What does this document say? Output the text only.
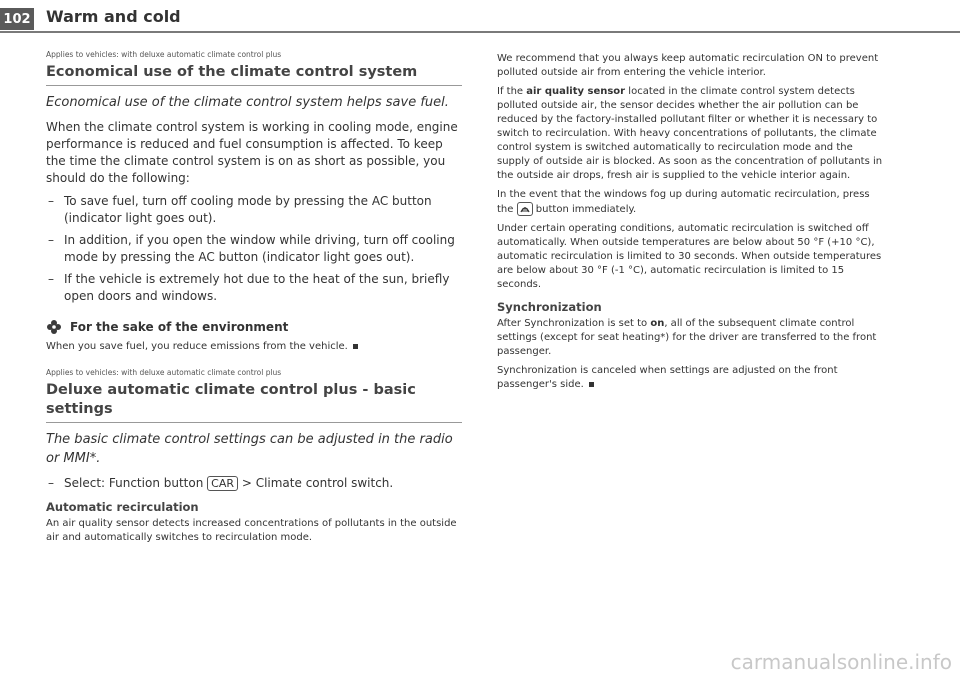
102 Warm and cold

Applies to vehicles: with deluxe automatic climate control plus

Economical use of the climate control system

Economical use of the climate control system helps save fuel.

When the climate control system is working in cooling mode, engine performance is reduced and fuel consumption is affected. To keep the time the climate control system is on as short as possible, you should do the following:

– To save fuel, turn off cooling mode by pressing the AC button (indicator light goes out).
– In addition, if you open the window while driving, turn off cooling mode by pressing the AC button (indicator light goes out).
– If the vehicle is extremely hot due to the heat of the sun, briefly open doors and windows.
For the sake of the environment

When you save fuel, you reduce emissions from the vehicle.

Applies to vehicles: with deluxe automatic climate control plus

Deluxe automatic climate control plus - basic settings

The basic climate control settings can be adjusted in the radio or MMI*.

– Select: Function button CAR > Climate control switch.
Automatic recirculation

An air quality sensor detects increased concentrations of pollutants in the outside air and automatically switches to recirculation mode.

We recommend that you always keep automatic recirculation ON to prevent polluted outside air from entering the vehicle interior.

If the air quality sensor located in the climate control system detects polluted outside air, the sensor decides whether the air pollution can be reduced by the factory-installed pollutant filter or whether it is necessary to switch to recirculation. With heavy concentrations of pollutants, the climate control system is switched automatically to recirculation mode and the supply of outside air is blocked. As soon as the concentration of pollutants in the outside air drops, fresh air is supplied to the vehicle interior again.

In the event that the windows fog up during automatic recirculation, press the button immediately.

Under certain operating conditions, automatic recirculation is switched off automatically. When outside temperatures are below about 50 °F (+10 °C), automatic recirculation is limited to 30 seconds. When outside temperatures are below about 30 °F (-1 °C), automatic recirculation is limited to 15 seconds.

Synchronization

After Synchronization is set to on, all of the subsequent climate control settings (except for seat heating*) for the driver are transferred to the front passenger.

Synchronization is canceled when settings are adjusted on the front passenger's side.

carmanualsonline.info
